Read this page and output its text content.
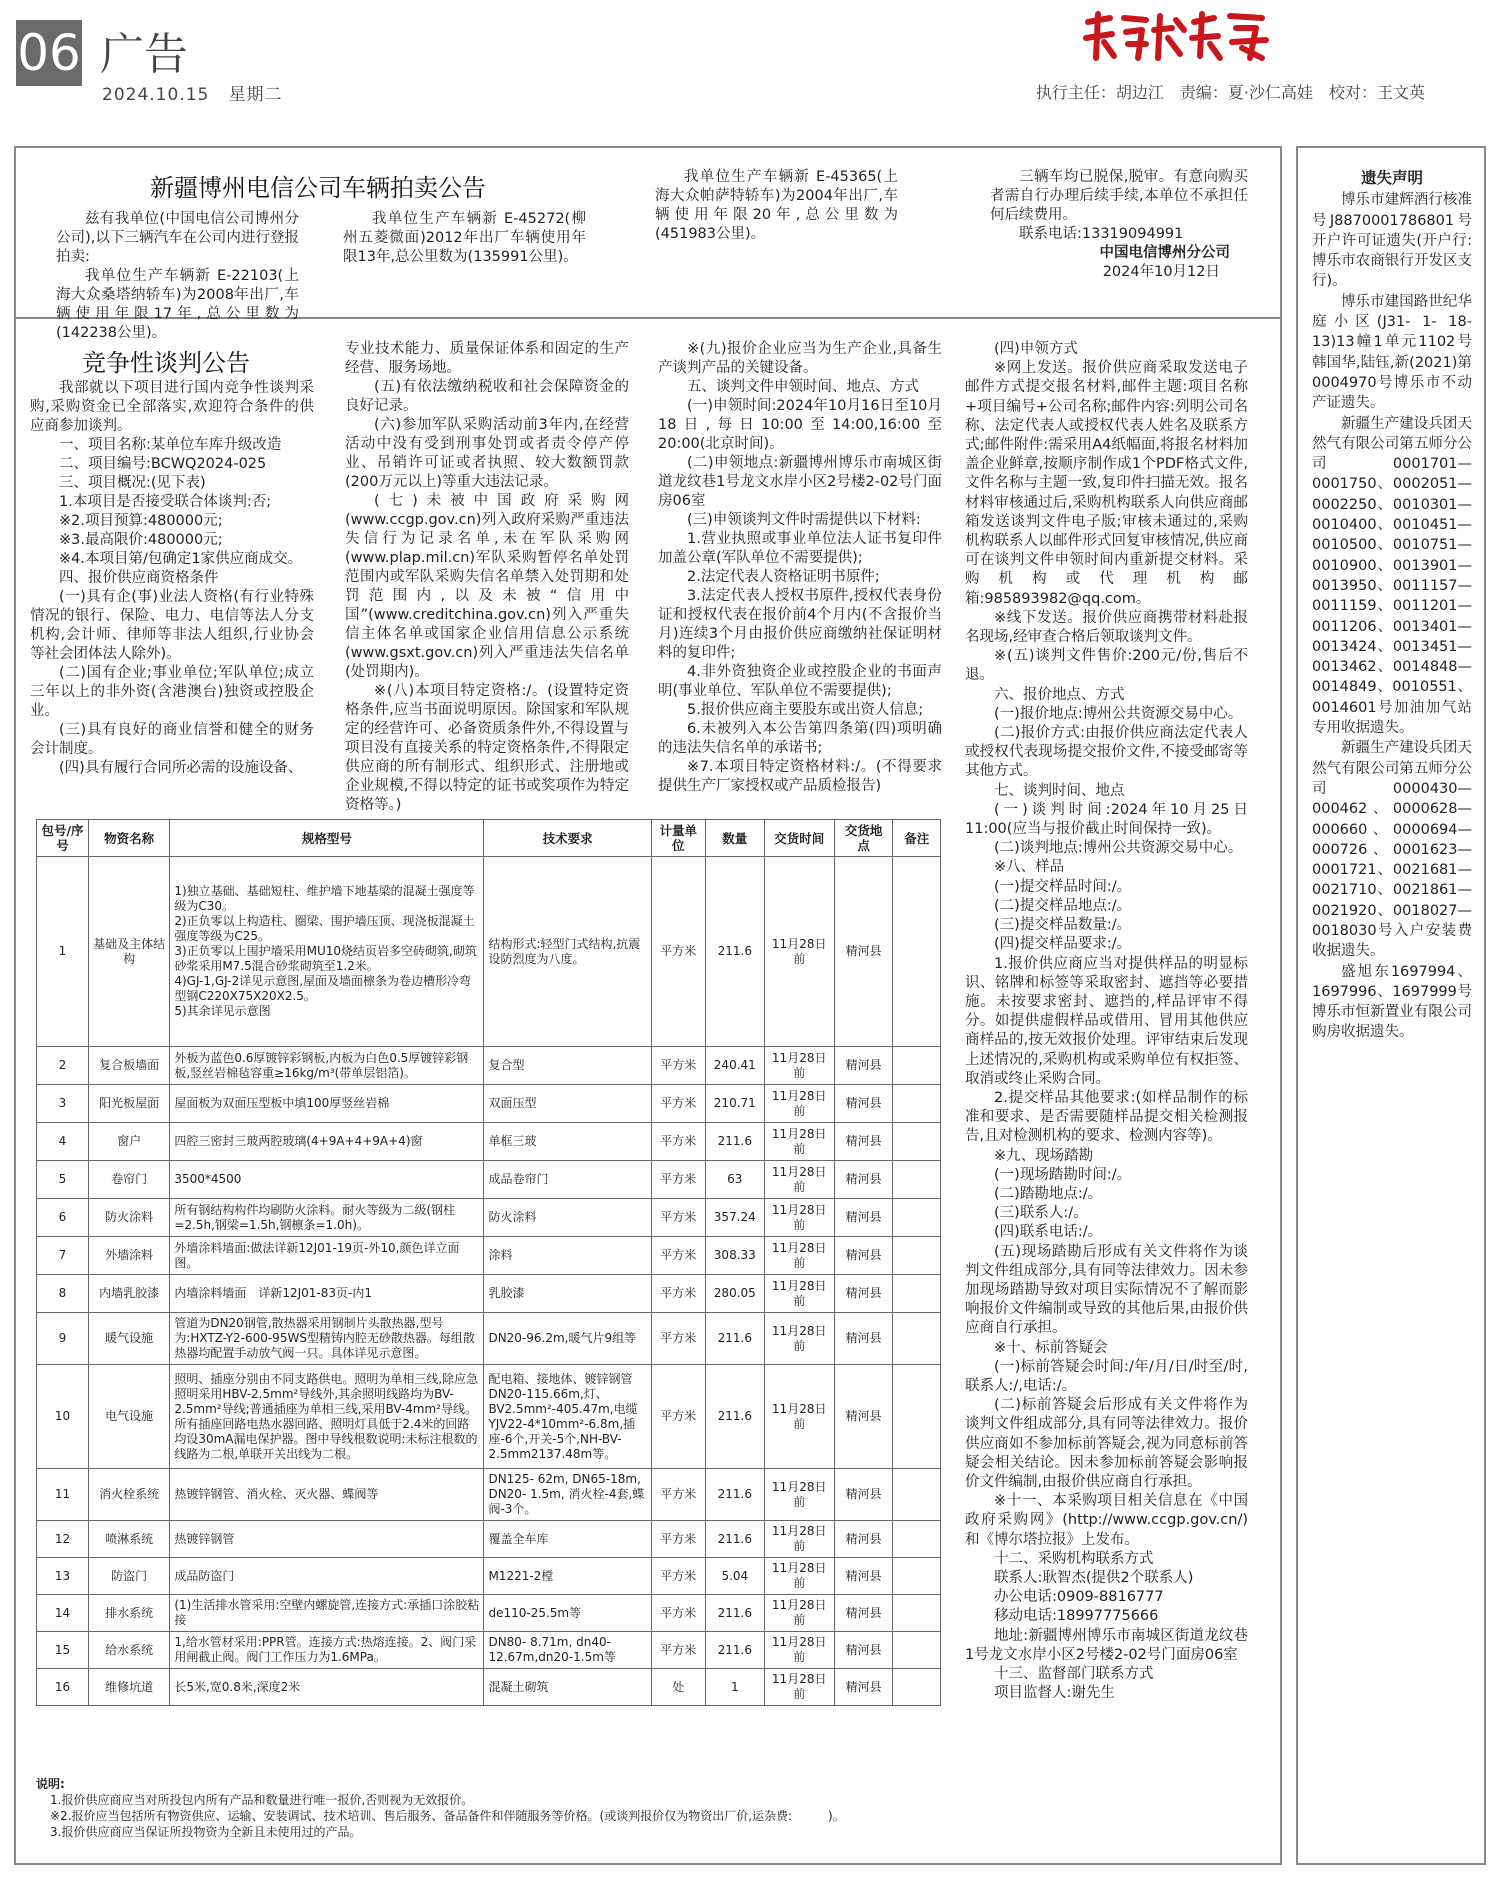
06 广告
2024.10.15 星期二	执行主任：胡边江　责编：夏·沙仁高娃　校对：王文英
新疆博州电信公司车辆拍卖公告

兹有我单位(中国电信公司博州分公司),以下三辆汽车在公司内进行登报拍卖:

我单位生产车辆新 E-22103(上海大众桑塔纳轿车)为2008年出厂,车辆使用年限17年,总公里数为(142238公里)。

我单位生产车辆新 E-45272(柳州五菱微面)2012年出厂车辆使用年限13年,总公里数为(135991公里)。

我单位生产车辆新 E-45365(上海大众帕萨特轿车)为2004年出厂,车辆使用年限20年,总公里数为(451983公里)。

三辆车均已脱保,脱审。有意向购买者需自行办理后续手续,本单位不承担任何后续费用。

联系电话:13319094991

中国电信博州分公司

2024年10月12日

竞争性谈判公告

我部就以下项目进行国内竞争性谈判采购,采购资金已全部落实,欢迎符合条件的供应商参加谈判。

一、项目名称:某单位车库升级改造

二、项目编号:BCWQ2024-025

三、项目概况:(见下表)

1.本项目是否接受联合体谈判:否;

※2.项目预算:480000元;

※3.最高限价:480000元;

※4.本项目第/包确定1家供应商成交。

四、报价供应商资格条件

(一)具有企(事)业法人资格(有行业特殊情况的银行、保险、电力、电信等法人分支机构,会计师、律师等非法人组织,行业协会等社会团体法人除外)。

(二)国有企业;事业单位;军队单位;成立三年以上的非外资(含港澳台)独资或控股企业。

(三)具有良好的商业信誉和健全的财务会计制度。

(四)具有履行合同所必需的设施设备、

专业技术能力、质量保证体系和固定的生产经营、服务场地。

(五)有依法缴纳税收和社会保障资金的良好记录。

(六)参加军队采购活动前3年内,在经营活动中没有受到刑事处罚或者责令停产停业、吊销许可证或者执照、较大数额罚款(200万元以上)等重大违法记录。

(七)未被中国政府采购网(www.ccgp.gov.cn)列入政府采购严重违法失信行为记录名单,未在军队采购网(www.plap.mil.cn)军队采购暂停名单处罚范围内或军队采购失信名单禁入处罚期和处罚范围内,以及未被“信用中国”(www.creditchina.gov.cn)列入严重失信主体名单或国家企业信用信息公示系统(www.gsxt.gov.cn)列入严重违法失信名单(处罚期内)。

※(八)本项目特定资格:/。(设置特定资格条件,应当书面说明原因。除国家和军队规定的经营许可、必备资质条件外,不得设置与项目没有直接关系的特定资格条件,不得限定供应商的所有制形式、组织形式、注册地或企业规模,不得以特定的证书或奖项作为特定资格等。)

※(九)报价企业应当为生产企业,具备生产谈判产品的关键设备。

五、谈判文件申领时间、地点、方式

(一)申领时间:2024年10月16日至10月18日,每日10:00至14:00,16:00至20:00(北京时间)。

(二)申领地点:新疆博州博乐市南城区街道龙纹巷1号龙文水岸小区2号楼2-02号门面房06室

(三)申领谈判文件时需提供以下材料:

1.营业执照或事业单位法人证书复印件加盖公章(军队单位不需要提供);

2.法定代表人资格证明书原件;

3.法定代表人授权书原件,授权代表身份证和授权代表在报价前4个月内(不含报价当月)连续3个月由报价供应商缴纳社保证明材料的复印件;

4.非外资独资企业或控股企业的书面声明(事业单位、军队单位不需要提供);

5.报价供应商主要股东或出资人信息;

6.未被列入本公告第四条第(四)项明确的违法失信名单的承诺书;

※7.本项目特定资格材料:/。(不得要求提供生产厂家授权或产品质检报告)

(四)申领方式

※网上发送。报价供应商采取发送电子邮件方式提交报名材料,邮件主题:项目名称+项目编号+公司名称;邮件内容:列明公司名称、法定代表人或授权代表人姓名及联系方式;邮件附件:需采用A4纸幅面,将报名材料加盖企业鲜章,按顺序制作成1个PDF格式文件,文件名称与主题一致,复印件扫描无效。报名材料审核通过后,采购机构联系人向供应商邮箱发送谈判文件电子版;审核未通过的,采购机构联系人以邮件形式回复审核情况,供应商可在谈判文件申领时间内重新提交材料。采购机构或代理机构邮箱:985893982@qq.com。

※线下发送。报价供应商携带材料赴报名现场,经审查合格后领取谈判文件。

※(五)谈判文件售价:200元/份,售后不退。

六、报价地点、方式

(一)报价地点:博州公共资源交易中心。

(二)报价方式:由报价供应商法定代表人或授权代表现场提交报价文件,不接受邮寄等其他方式。

七、谈判时间、地点

(一)谈判时间:2024年10月25日11:00(应当与报价截止时间保持一致)。

(二)谈判地点:博州公共资源交易中心。

※八、样品

(一)提交样品时间:/。

(二)提交样品地点:/。

(三)提交样品数量:/。

(四)提交样品要求:/。

1.报价供应商应当对提供样品的明显标识、铭牌和标签等采取密封、遮挡等必要措施。未按要求密封、遮挡的,样品评审不得分。如提供虚假样品或借用、冒用其他供应商样品的,按无效报价处理。评审结束后发现上述情况的,采购机构或采购单位有权拒签、取消或终止采购合同。

2.提交样品其他要求:(如样品制作的标准和要求、是否需要随样品提交相关检测报告,且对检测机构的要求、检测内容等)。

※九、现场踏勘

(一)现场踏勘时间:/。

(二)踏勘地点:/。

(三)联系人:/。

(四)联系电话:/。

(五)现场踏勘后形成有关文件将作为谈判文件组成部分,具有同等法律效力。因未参加现场踏勘导致对项目实际情况不了解而影响报价文件编制或导致的其他后果,由报价供应商自行承担。

※十、标前答疑会

(一)标前答疑会时间:/年/月/日/时至/时,联系人:/,电话:/。

(二)标前答疑会后形成有关文件将作为谈判文件组成部分,具有同等法律效力。报价供应商如不参加标前答疑会,视为同意标前答疑会相关结论。因未参加标前答疑会影响报价文件编制,由报价供应商自行承担。

※十一、本采购项目相关信息在《中国政府采购网》(http://www.ccgp.gov.cn/)和《博尔塔拉报》上发布。

十二、采购机构联系方式

联系人:耿智杰(提供2个联系人)

办公电话:0909-8816777

移动电话:18997775666

地址:新疆博州博乐市南城区街道龙纹巷1号龙文水岸小区2号楼2-02号门面房06室

十三、监督部门联系方式

项目监督人:谢先生

包号/序号	物资名称	规格型号	技术要求	计量单位	数量	交货时间	交货地点	备注
1	基础及主体结构	1)独立基础、基础短柱、维护墙下地基梁的混凝土强度等级为C30。
2)正负零以上构造柱、圈梁、围护墙压顶、现浇板混凝土强度等级为C25。
3)正负零以上围护墙采用MU10烧结页岩多空砖砌筑,砌筑砂浆采用M7.5混合砂浆砌筑至1.2米。
4)GJ-1,GJ-2详见示意图,屋面及墙面檩条为卷边槽形冷弯型钢C220X75X20X2.5。
5)其余详见示意图	结构形式:轻型门式结构,抗震设防烈度为八度。	平方米	211.6	11月28日前	精河县	
2	复合板墙面	外板为蓝色0.6厚镀锌彩钢板,内板为白色0.5厚镀锌彩钢板,竖丝岩棉毡容重≥16kg/m³(带单层铝箔)。	复合型	平方米	240.41	11月28日前	精河县	
3	阳光板屋面	屋面板为双面压型板中填100厚竖丝岩棉	双面压型	平方米	210.71	11月28日前	精河县	
4	窗户	四腔三密封三玻两腔玻璃(4+9A+4+9A+4)窗	单框三玻	平方米	211.6	11月28日前	精河县	
5	卷帘门	3500*4500	成品卷帘门	平方米	63	11月28日前	精河县	
6	防火涂料	所有钢结构构件均刷防火涂料。耐火等级为二级(钢柱=2.5h,钢梁=1.5h,钢檩条=1.0h)。	防火涂料	平方米	357.24	11月28日前	精河县	
7	外墙涂料	外墙涂料墙面:做法详新12J01-19页-外10,颜色详立面图。	涂料	平方米	308.33	11月28日前	精河县	
8	内墙乳胶漆	内墙涂料墙面　详新12J01-83页-内1	乳胶漆	平方米	280.05	11月28日前	精河县	
9	暖气设施	管道为DN20钢管,散热器采用钢制片头散热器,型号为:HXTZ-Y2-600-95WS型精铸内腔无砂散热器。每组散热器均配置手动放气阀一只。具体详见示意图。	DN20-96.2m,暖气片9组等	平方米	211.6	11月28日前	精河县	
10	电气设施	照明、插座分别由不同支路供电。照明为单相三线,除应急照明采用HBV-2.5mm²导线外,其余照明线路均为BV-2.5mm²导线;普通插座为单相三线,采用BV-4mm²导线。所有插座回路电热水器回路、照明灯具低于2.4米的回路均设30mA漏电保护器。图中导线根数说明:未标注根数的线路为二根,单联开关出线为二根。	配电箱、接地体、镀锌钢管DN20-115.66m,灯、BV2.5mm²-405.47m,电缆YJV22-4*10mm²-6.8m,插座-6个,开关-5个,NH-BV-2.5mm2137.48m等。	平方米	211.6	11月28日前	精河县	
11	消火栓系统	热镀锌钢管、消火栓、灭火器、蝶阀等	DN125- 62m, DN65-18m, DN20- 1.5m, 消火栓-4套,蝶阀-3个。	平方米	211.6	11月28日前	精河县	
12	喷淋系统	热镀锌钢管	覆盖全车库	平方米	211.6	11月28日前	精河县	
13	防盗门	成品防盗门	M1221-2樘	平方米	5.04	11月28日前	精河县	
14	排水系统	(1)生活排水管采用:空壁内螺旋管,连接方式:承插口涂胶粘接	de110-25.5m等	平方米	211.6	11月28日前	精河县	
15	给水系统	1,给水管材采用:PPR管。连接方式:热熔连接。2、阀门采用闸截止阀。阀门工作压力为1.6MPa。	DN80- 8.71m, dn40-12.67m,dn20-1.5m等	平方米	211.6	11月28日前	精河县	
16	维修坑道	长5米,宽0.8米,深度2米	混凝土砌筑	处	1	11月28日前	精河县	
说明:
1.报价供应商应当对所投包内所有产品和数量进行唯一报价,否则视为无效报价。
※2.报价应当包括所有物资供应、运输、安装调试、技术培训、售后服务、备品备件和伴随服务等价格。(或谈判报价仅为物资出厂价,运杂费:　　　)。
3.报价供应商应当保证所投物资为全新且未使用过的产品。
遗失声明

博乐市建辉酒行核准号J8870001786801号开户许可证遗失(开户行:博乐市农商银行开发区支行)。

博乐市建国路世纪华庭小区(J31- 1- 18- 13)13幢1单元1102号韩国华,陆钰,新(2021)第0004970号博乐市不动产证遗失。

新疆生产建设兵团天然气有限公司第五师分公司0001701—0001750、0002051—0002250、0010301—0010400、0010451—0010500、0010751—0010900、0013901—0013950、0011157—0011159、0011201—0011206、0013401—0013424、0013451—0013462、0014848—0014849、0010551、0014601号加油加气站专用收据遗失。

新疆生产建设兵团天然气有限公司第五师分公司0000430—000462、0000628—000660、0000694—000726、0001623—0001721、0021681—0021710、0021861—0021920、0018027—0018030号入户安装费收据遗失。

盛旭东1697994、1697996、1697999号博乐市恒新置业有限公司购房收据遗失。
